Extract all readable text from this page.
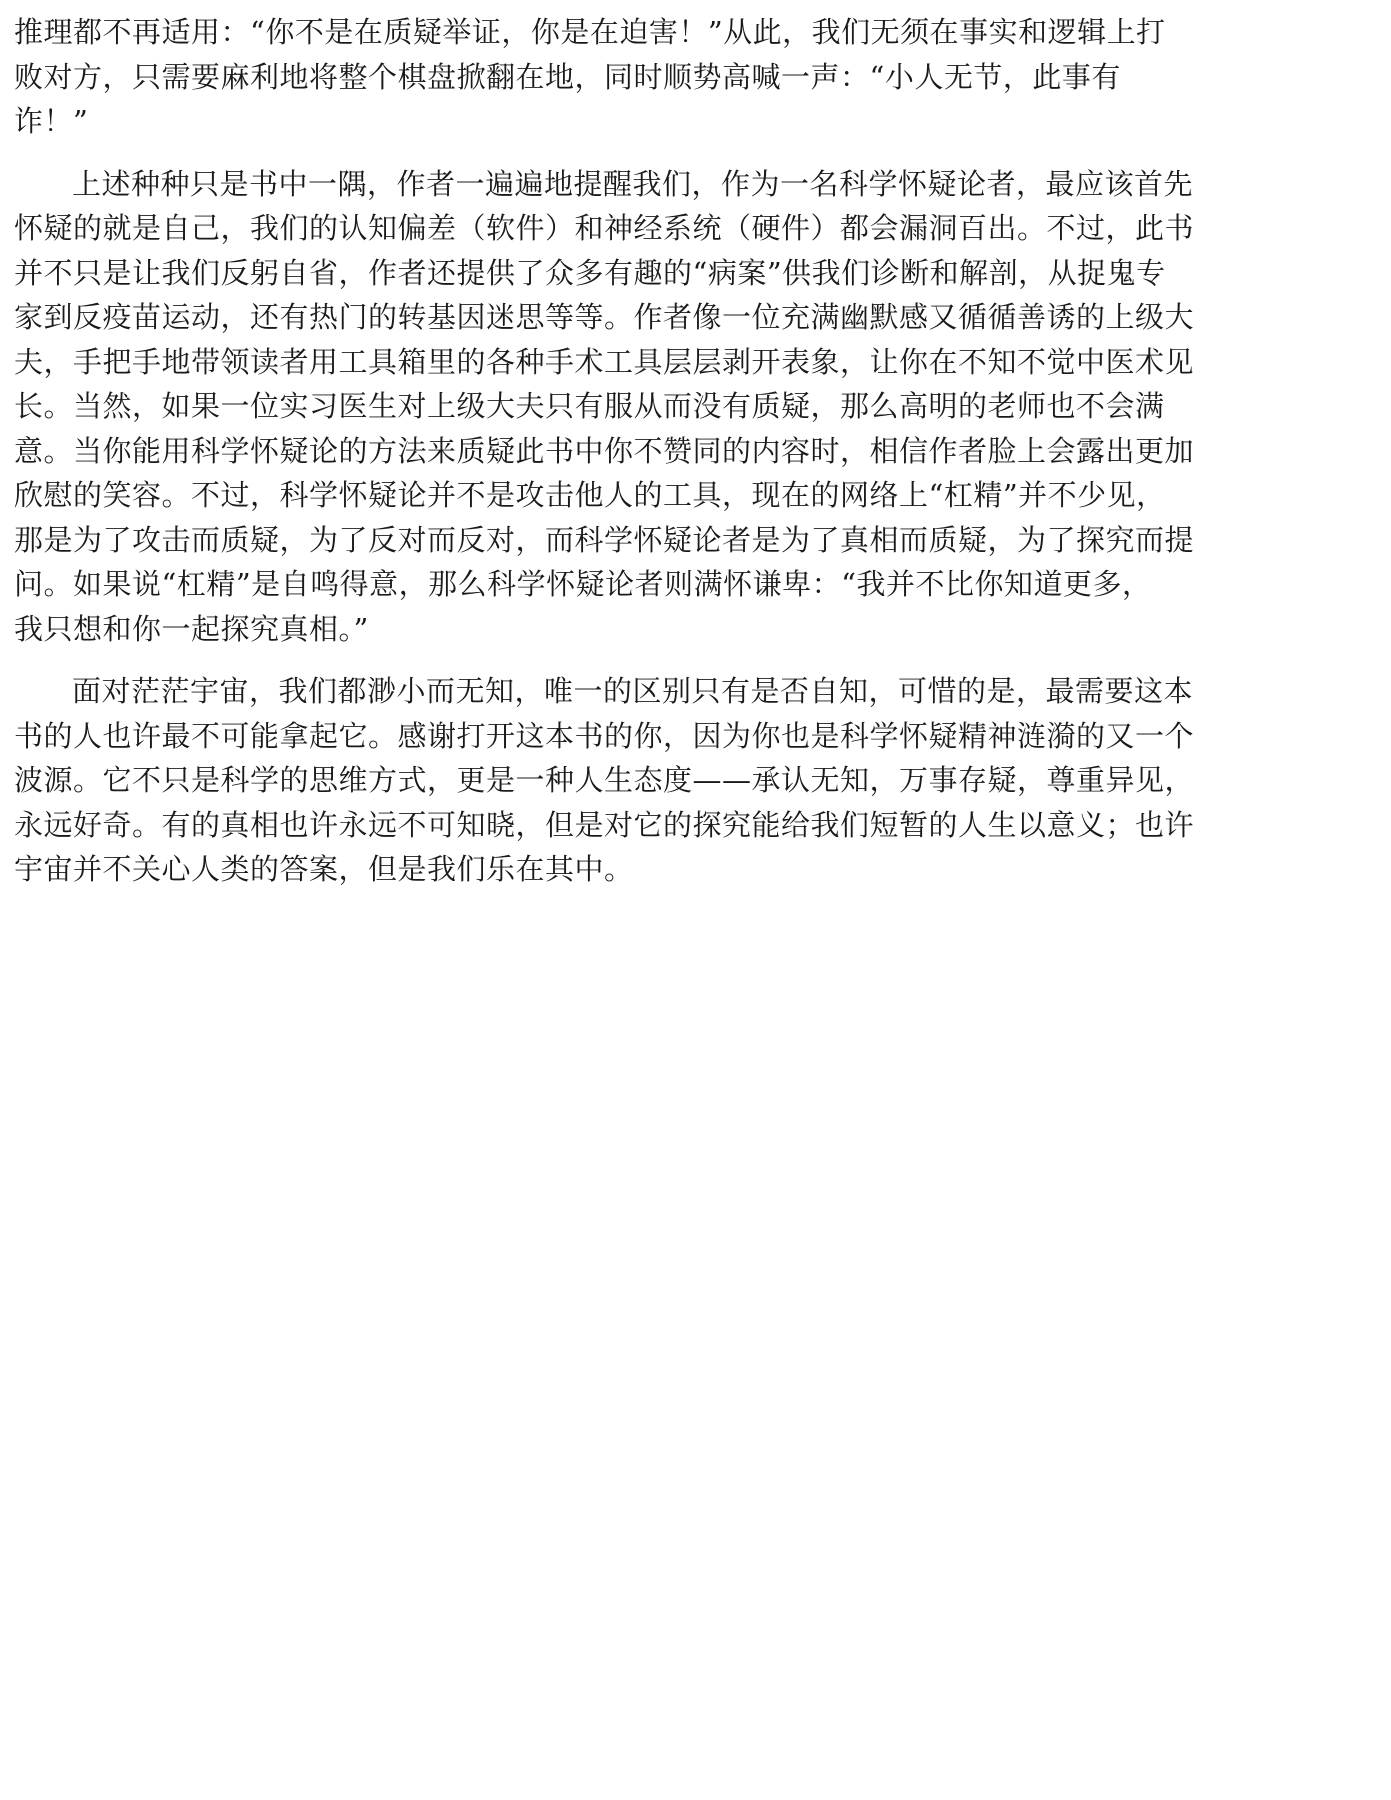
推理都不再适用：“你不是在质疑举证，你是在迫害！”从此，我们无须在事实和逻辑上打
败对方，只需要麻利地将整个棋盘掀翻在地，同时顺势高喊一声：“小人无节，此事有
诈！”

上述种种只是书中一隅，作者一遍遍地提醒我们，作为一名科学怀疑论者，最应该首先
怀疑的就是自己，我们的认知偏差（软件）和神经系统（硬件）都会漏洞百出。不过，此书
并不只是让我们反躬自省，作者还提供了众多有趣的“病案”供我们诊断和解剖，从捉鬼专
家到反疫苗运动，还有热门的转基因迷思等等。作者像一位充满幽默感又循循善诱的上级大
夫，手把手地带领读者用工具箱里的各种手术工具层层剥开表象，让你在不知不觉中医术见
长。当然，如果一位实习医生对上级大夫只有服从而没有质疑，那么高明的老师也不会满
意。当你能用科学怀疑论的方法来质疑此书中你不赞同的内容时，相信作者脸上会露出更加
欣慰的笑容。不过，科学怀疑论并不是攻击他人的工具，现在的网络上“杠精”并不少见，
那是为了攻击而质疑，为了反对而反对，而科学怀疑论者是为了真相而质疑，为了探究而提
问。如果说“杠精”是自鸣得意，那么科学怀疑论者则满怀谦卑：“我并不比你知道更多，
我只想和你一起探究真相。”

面对茫茫宇宙，我们都渺小而无知，唯一的区别只有是否自知，可惜的是，最需要这本
书的人也许最不可能拿起它。感谢打开这本书的你，因为你也是科学怀疑精神涟漪的又一个
波源。它不只是科学的思维方式，更是一种人生态度——承认无知，万事存疑，尊重异见，
永远好奇。有的真相也许永远不可知晓，但是对它的探究能给我们短暂的人生以意义；也许
宇宙并不关心人类的答案，但是我们乐在其中。
